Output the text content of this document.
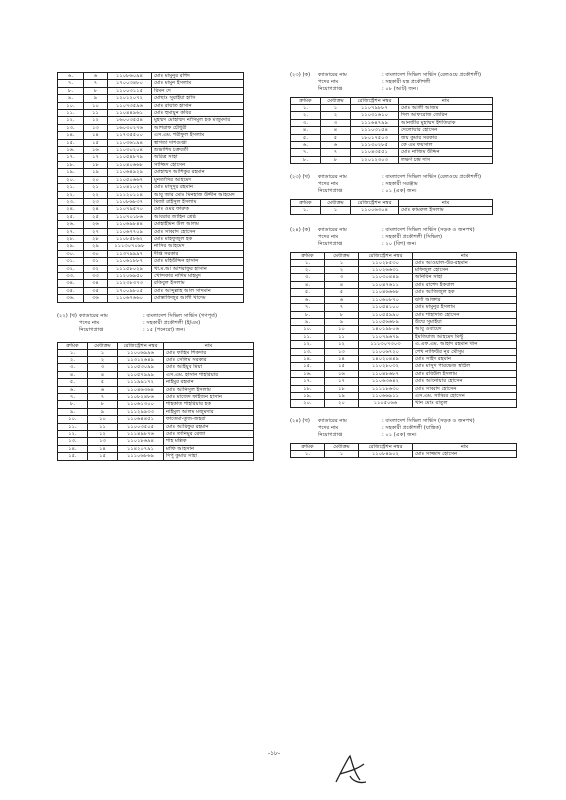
৬.	৬	১১০৮৬০৯৪	মোঃ মামুনুর রশিদ
৭.	৭	১৭০০৩৪৮০	মোঃ মামুন ইসলাম
৮.	৮	১১০০৩১১৫	রিমন দে
৯.	৯	১২০১২০৭২	মোছাঃ সুরাইয়া হাসি
১০.	১০	১১০৭৩৫৯৬	মোঃ রায়াত হাসান
১১.	১১	১১০৪৪৯৬১	মোঃ হুমায়ুন কবির
১২.	১২	১৬০০৩৫৫৪	মুহম্মদ মোহাম্মদ নাসিমুল হক মজুমদার
১৩.	১৩	১৬০৩০২৭৬	আশরাফ চৌধুরী
১৪.	১৪	১১৭৩৫৫০০	এস.এম. শরীফুল ইসলাম
১৫.	১৫	১১০৩৬১৯৪	স্বাগতা দাশগুপ্তা
১৬.	১৬	১১০৩০২০৪	শুভাশিষ চক্রবর্তী
১৭.	১৭	১১০৫৪৮৭৯	অরিত্র সাহা
১৮.	১৮	১১০৪০৬৬৮	সাজ্জিদ হোসেন
১৯.	১৯	১১০৬৪৯২৯	মোহাম্মদ আশিকুর রহমান
২০.	২০	১১০৫০৬৬৭	মুনতাসির আহমেদ
২১.	২১	১১০৪১০২৭	মোঃ মাসুদুর রহমান
২২.	২২	১১১২০১১৪	আবু জার মোঃ মিনহাজ উদ্দীন আহমেদ
২৩.	২৩	১১০৮৬৮৩৭	মির্জা রাইসুল ইসলাম
২৪.	২৪	১১০৭৯৫৭০	মোঃ ওমর ফারুক
২৫.	২৫	১১০৭০১৮৬	আবরার জাহিন শ্রেষ্ঠ
২৬.	২৬	১১০৬৯৮৪৪	মোহাইমিন উল আলম
২৭.	২৭	১১০৬৭৭০৯	মোঃ সাব্বাদ হোসেন
২৮.	২৮	১১০৮৫৮৬২	মোঃ মাহফুজুল হক
২৯.	২৯	১১১৩০৭০৯৮	নাসির আহমেদ
৩০.	৩০	১১৩৭৯৯৯৭	দীপ্ত সরকার
৩১.	৩১	১১০৬১৮৮৭	মোঃ মহিউদ্দিন হাসান
৩২.	৩২	১১১৫৮০২৯	খা.ম.আ আশরাফুর হাসান
৩৩.	৩৩	১১২০৬৯৫০	খোন্দকার নাদিম মাহমুদ
৩৪.	৩৪	১১২৩৮৩৭৩	রকিবুল ইসলাম
৩৫.	৩৫	১৭০০৯৮০৫	মোঃ আব্দুল্লাহ আল সাদমান
৩৬.	৩৬	১১০৬৭৬৬০	মোস্তাফিজুর আলী খাদেম
(২২) (খ) ক্যাডারের নাম	: বাংলাদেশ সিভিল সার্ভিস (গণপূর্ত)
পদের নাম	: সহকারী প্রকৌশলী (ই/এম)
নিয়োগপ্রাপ্ত	: ১৫ (পনেরো) জন।
ক্রমিক	মেধাক্রম	রেজিস্ট্রেশন নম্বর	নাম
১.	১	১১০০৬৯৯৬	মোঃ ফাহিম শিকদার
২.	২	১১৩১২৬৪৯	মোঃ সেলিম সরকার
৩.	৩	১১০৫৩০৯৯	মোঃ আইয়ুব মিয়া
৪.	৪	১১০৫৭৯৯৯	এস.এম. হাসান শাহরিয়ার
৫.	৫	১১১৯৯১৭২	নাইমুর রহমান
৬.	৬	১১০৪৬৩৬৪	মোঃ আনিসুল ইসলাম
৭.	৭	১১০৮২৪৮৬	মোঃ মাজেদ ফাইজন হাসান
৮.	৮	১১০৬১৩০০	শাহকাত শাহরিয়ার হক
৯.	৯	১১১২৯৯৩৩	নাইমুল আলম মজুমদার
১০.	১০	১১০৬৪৪৫১	ফাতেমা-তুজ-জহরা
১১.	১১	১১০০৩৫০৫	মোঃ আরিফুর রহমান
১২.	১২	১১১৪৯৮৭৬	মোঃ তানিমুর রেজা
১৩.	১৩	১১০১৮৬৯৪	শাহ মল্লিক
১৪.	১৪	১১৪২০৭৯১	মাফি আহসান
১৫.	১৫	১১১০৬৮৬৯	দিপু কুমার সাহা
(২৩) (ক) ক্যাডারের নাম	: বাংলাদেশ সিভিল সার্ভিস (রেলওয়ে প্রকৌশলী)
পদের নাম	: সহকারী যন্ত্র প্রকৌশলী
নিয়োগপ্রাপ্ত	: ০৮ (আট) জন।
ক্রমিক	মেধাক্রম	রেজিস্ট্রেশন নম্বর	নাম
১.	১	১১০৭৯৮৮৭	মোঃ আলী আজম
২.	২	১১০৩১৬১০	দিল আফরোজ জেরিন
৩.	৩	১১১৬৪৭৯৯	আনজীর মুহাম্মদ ইশতিয়াক
৪.	৪	১১১০৩১৫৪	দেলোয়ার হোসেন
৫.	৫	১৮০১৭৫০৩	জয় কুমার সরকার
৬.	৬	১১১৩০২৮৫	কে এম ফয়সাল
৭.	৭	১১০৪৩৫৫১	মোঃ নাজিম উদ্দিন
৮.	৮	১২০১২৩০৩	লক্ষণ চন্দ্র দাস
(২৩) (খ) ক্যাডারের নাম	: বাংলাদেশ সিভিল সার্ভিস (রেলওয়ে প্রকৌশলী)
পদের নাম	: সহকারী সরঞ্জাম
নিয়োগপ্রাপ্ত	: ০১ (এক) জন।
ক্রমিক	মেধাক্রম	রেজিস্ট্রেশন নম্বর	নাম
১.	১	১১০০৬৩০৪	মোঃ কামরুল ইসলাম
(২৪) (ক) ক্যাডারের নাম	: বাংলাদেশ সিভিল সার্ভিস (সড়ক ও জনপথ)
পদের নাম	: সহকারী প্রকৌশলী (সিভিল)
নিয়োগপ্রাপ্ত	: ২০ (বিশ) জন।
ক্রমিক	মেধাক্রম	রেজিস্ট্রেশন নম্বর	নাম
১.	১	১১০২৮৫৩০	মোঃ আওয়াল-উর-রহমান
২.	২	১১০২৬৬৩১	মফিজুল হোসেন
৩.	৩	১১০৩০৪৪৯	অনিবিন সাহা
৪.	৪	১১০৪৭৬১১	মোঃ রাশেদ ইকবাল
৫.	৫	১১০৪৬৬৬৮	মোঃ আজিজুল হক
৬.	৬	১১০৬০৮৭০	ঝর্ণা আক্তার
৭.	৭	১১০৫৪১০০	মোঃ মামুনুর ইসলাম
৮.	৮	১১০৫৫৯৯০	মোঃ শাহাদাত হোসেন
৯.	৯	১১০৫৬৬৮৯	উম্মে সুমাইয়া
১০.	১০	১৪০১৯৮০৬	আবু ওবায়েদ
১১.	১১	১১০৭৯৬৭৯	ইমতিয়াজ আহমেদ মিন্টু
১২.	১২	১১১৩০৭৩০৩	এ.এফ.এম. আহাদ রহমান খান
১৩.	১৩	১১০০৬৭২০	শেখ নাফিউর নূর মৌসুম
১৪.	১৪	১৪০২০৪৪৯	মোঃ সাইদ রহমান
১৫.	১৫	১১০২৮০৩২	মোঃ মাসুদ পারভেজ স্বপ্নিল
১৬.	১৬	১১০৪৮৬৮৭	মোঃ রবিউল ইসলাম
১৭.	১৭	১১০৬৩৬৪২	মোঃ আনোয়ার হোসেন
১৮.	১৮	১১১১৮৬৩০	মোঃ সাব্বাদ হোসেন
১৯.	১৯	১১০৬৬৯১১	এস.এম. সাব্বির হোসেন
২০.	২০	১১০৫০৬৬	খান মোঃ রাতুল
(২৪) (খ) ক্যাডারের নাম	: বাংলাদেশ সিভিল সার্ভিস (সড়ক ও জনপথ)
পদের নাম	: সহকারী প্রকৌশলী (যান্ত্রিক)
নিয়োগপ্রাপ্ত	: ০১ (এক) জন।
ক্রমিক	মেধাক্রম	রেজিস্ট্রেশন নম্বর	নাম
১.	১	১১০৮৪৯০২	মোঃ সাজ্জাদ হোসেন
-১৮-
